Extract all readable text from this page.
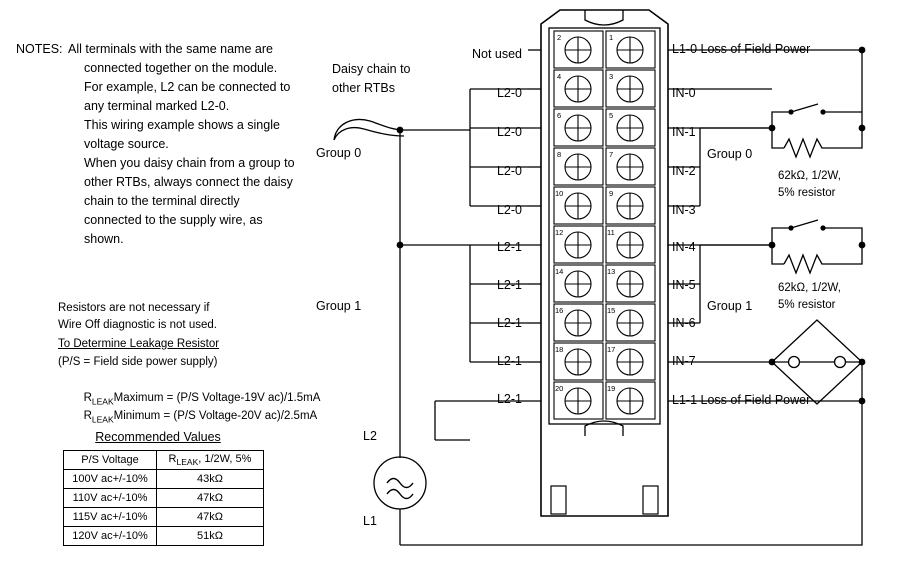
NOTES: All terminals with the same name are
connected together on the module.
For example, L2 can be connected to
any terminal marked L2-0.
This wiring example shows a single
voltage source.
When you daisy chain from a group to
other RTBs, always connect the daisy
chain to the terminal directly
connected to the supply wire, as
shown.
Resistors are not necessary if
Wire Off diagnostic is not used.
To Determine Leakage Resistor
(P/S = Field side power supply)

$R_{LEAK}Maximum = (P/S$ Voltage-19V ac)/1.5mA

$R_{LEAK}Minimum = (P/S$ Voltage-20V ac)/2.5mA

Recommended Values
P/S Voltage	$R_{LEAK}$, 1/2W, 5%
100V ac+/-10%	43kΩ
110V ac+/-10%	47kΩ
115V ac+/-10%	47kΩ
120V ac+/-10%	51kΩ
Daisy chain to
other RTBs
Group 0
Group 1
L2
L1
Not used
L2-0
L2-0
L2-0
L2-0
L2-1
L2-1
L2-1
L2-1
L2-1
L1-0 Loss of Field Power
IN-0
IN-1
IN-2
IN-3
IN-4
IN-5
IN-6
IN-7
L1-1 Loss of Field Power
Group 0
Group 1
62kΩ, 1/2W,
5% resistor
62kΩ, 1/2W,
5% resistor
2	1
4	3
6	5
8	7
10	9
12	11
14	13
16	15
18	17
20	19
